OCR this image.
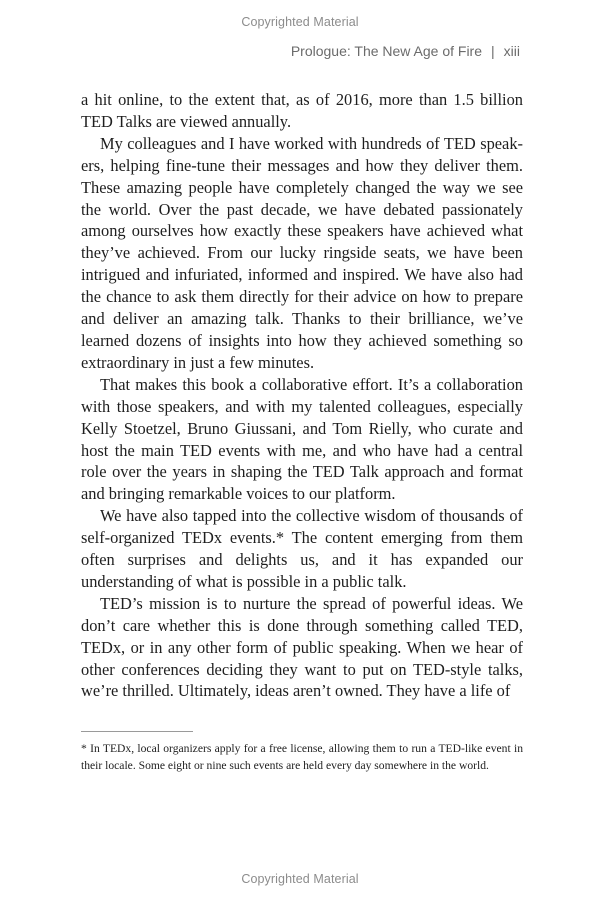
Copyrighted Material
Prologue: The New Age of Fire | xiii

a hit online, to the extent that, as of 2016, more than 1.5 billion TED Talks are viewed annually.

My colleagues and I have worked with hundreds of TED speakers, helping fine-tune their messages and how they deliver them. These amazing people have completely changed the way we see the world. Over the past decade, we have debated passionately among ourselves how exactly these speakers have achieved what they’ve achieved. From our lucky ringside seats, we have been intrigued and infuriated, informed and inspired. We have also had the chance to ask them directly for their advice on how to prepare and deliver an amazing talk. Thanks to their brilliance, we’ve learned dozens of insights into how they achieved something so extraordinary in just a few minutes.

That makes this book a collaborative effort. It’s a collaboration with those speakers, and with my talented colleagues, especially Kelly Stoetzel, Bruno Giussani, and Tom Rielly, who curate and host the main TED events with me, and who have had a central role over the years in shaping the TED Talk approach and format and bringing remarkable voices to our platform.

We have also tapped into the collective wisdom of thousands of self-organized TEDx events.* The content emerging from them often surprises and delights us, and it has expanded our understanding of what is possible in a public talk.

TED’s mission is to nurture the spread of powerful ideas. We don’t care whether this is done through something called TED, TEDx, or in any other form of public speaking. When we hear of other conferences deciding they want to put on TED-style talks, we’re thrilled. Ultimately, ideas aren’t owned. They have a life of

* In TEDx, local organizers apply for a free license, allowing them to run a TED-like event in their locale. Some eight or nine such events are held every day somewhere in the world.

Copyrighted Material
